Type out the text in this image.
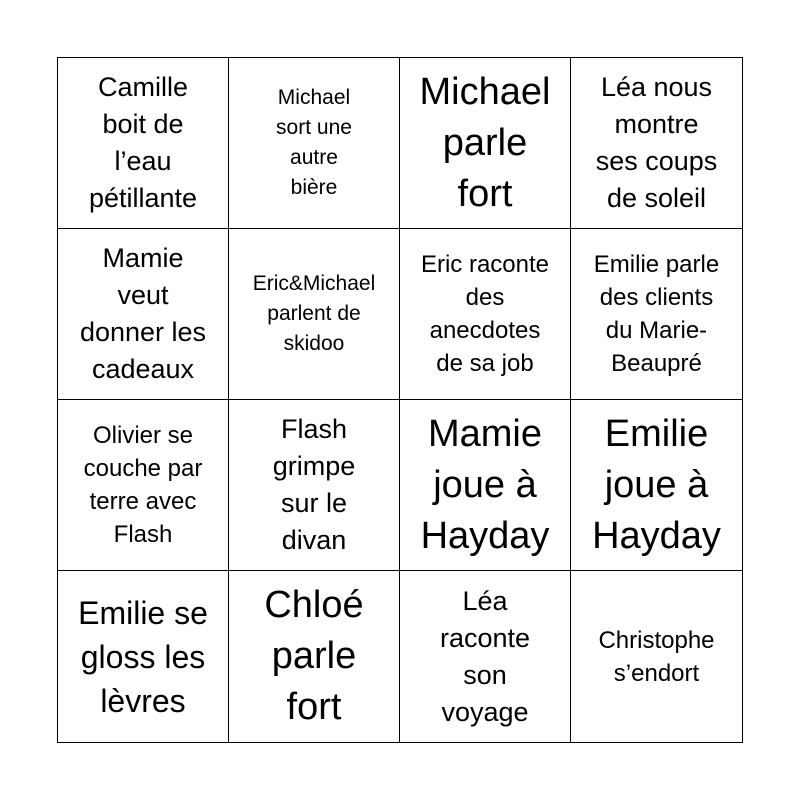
Camille
boit de
l’eau
pétillante
Michael
sort une
autre
bière
Michael
parle
fort
Léa nous
montre
ses coups
de soleil
Mamie
veut
donner les
cadeaux
Eric&Michael
parlent de
skidoo
Eric raconte
des
anecdotes
de sa job
Emilie parle
des clients
du Marie-
Beaupré
Olivier se
couche par
terre avec
Flash
Flash
grimpe
sur le
divan
Mamie
joue à
Hayday
Emilie
joue à
Hayday
Emilie se
gloss les
lèvres
Chloé
parle
fort
Léa
raconte
son
voyage
Christophe
s’endort
